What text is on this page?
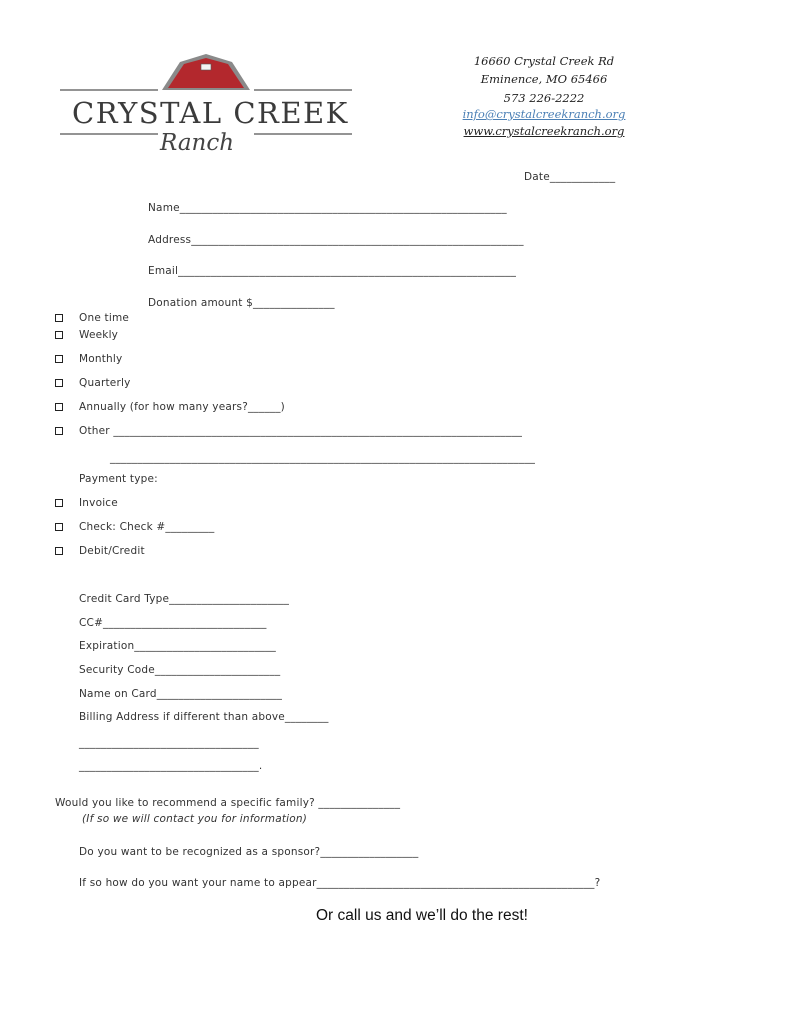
CRYSTAL CREEK
Ranch
16660 Crystal Creek Rd
Eminence, MO 65466
573 226-2222
info@crystalcreekranch.org
www.crystalcreekranch.org
Date____________
Name____________________________________________________________
Address_____________________________________________________________
Email______________________________________________________________
Donation amount $_______________
One time
Weekly
Monthly
Quarterly
Annually (for how many years?______)
Other ___________________________________________________________________________
______________________________________________________________________________
Payment type:
Invoice
Check: Check #_________
Debit/Credit
Credit Card Type______________________
CC#______________________________
Expiration__________________________
Security Code_______________________
Name on Card_______________________
Billing Address if different than above________
_________________________________
_________________________________.
Would you like to recommend a specific family? _______________
(If so we will contact you for information)
Do you want to be recognized as a sponsor?__________________
If so how do you want your name to appear___________________________________________________?
Or call us and we’ll do the rest!
